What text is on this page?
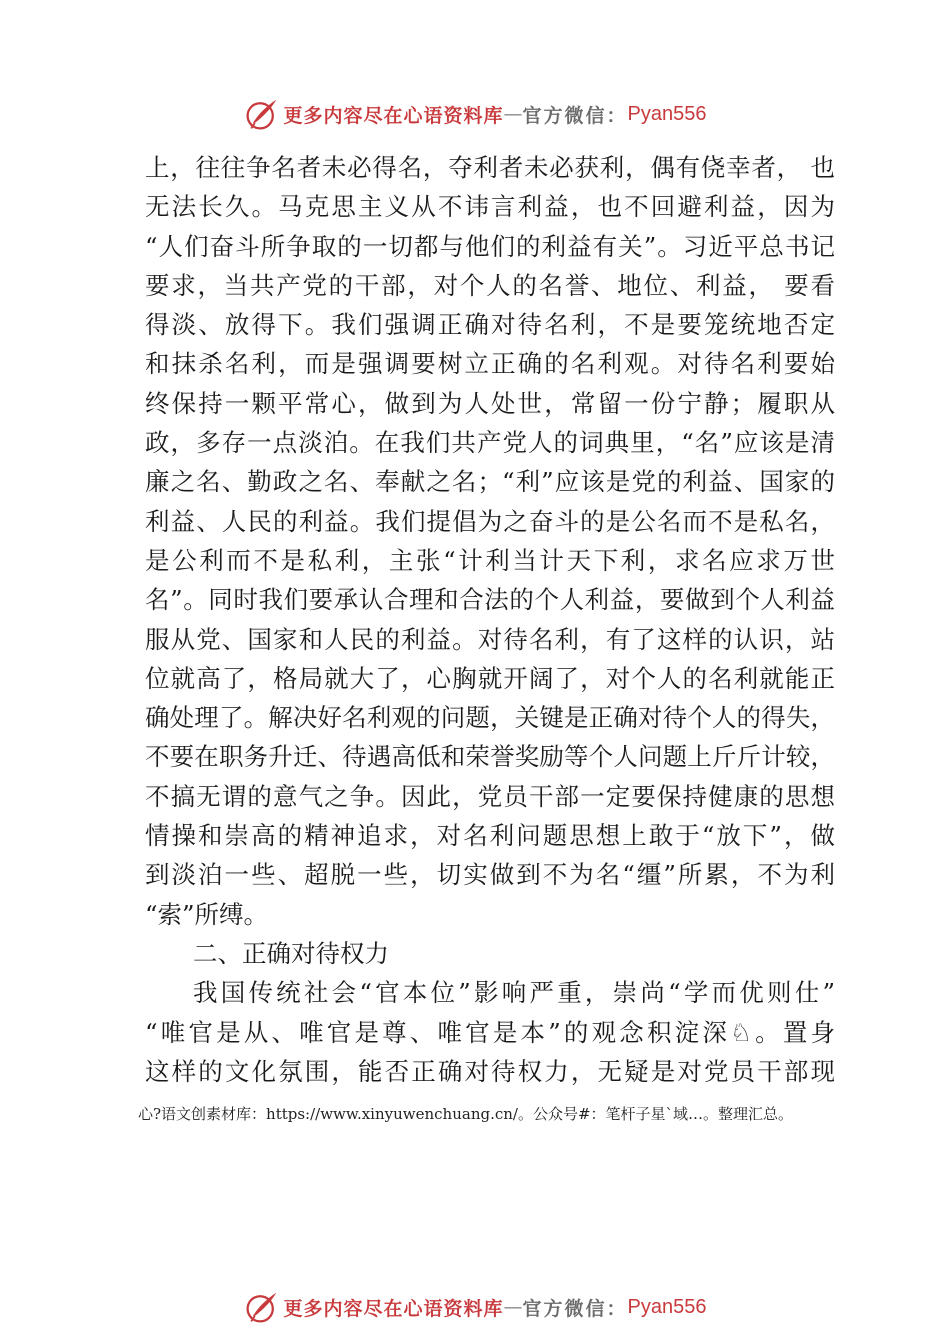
更多内容尽在心语资料库 — 官方微信： Pyan556
上，往往争名者未必得名，夺利者未必获利，偶有侥幸者， 也
无法长久。马克思主义从不讳言利益，也不回避利益，因为
“人们奋斗所争取的一切都与他们的利益有关”。习近平总书记
要求，当共产党的干部，对个人的名誉、地位、利益， 要看
得淡、放得下。我们强调正确对待名利，不是要笼统地否定
和抹杀名利，而是强调要树立正确的名利观。对待名利要始
终保持一颗平常心，做到为人处世，常留一份宁静；履职从
政，多存一点淡泊。在我们共产党人的词典里，“名”应该是清
廉之名、勤政之名、奉献之名；“利”应该是党的利益、国家的
利益、人民的利益。我们提倡为之奋斗的是公名而不是私名，
是公利而不是私利，主张“计利当计天下利，求名应求万世
名”。同时我们要承认合理和合法的个人利益，要做到个人利益
服从党、国家和人民的利益。对待名利，有了这样的认识，站
位就高了，格局就大了，心胸就开阔了，对个人的名利就能正
确处理了。解决好名利观的问题，关键是正确对待个人的得失，
不要在职务升迁、待遇高低和荣誉奖励等个人问题上斤斤计较，
不搞无谓的意气之争。因此，党员干部一定要保持健康的思想
情操和崇高的精神追求，对名利问题思想上敢于“放下”，做
到淡泊一些、超脱一些，切实做到不为名“缰”所累，不为利
“索”所缚。
二、正确对待权力
我国传统社会“官本位”影响严重，崇尚“学而优则仕”
“唯官是从、唯官是尊、唯官是本”的观念积淀深♘。置身
这样的文化氛围，能否正确对待权力，无疑是对党员干部现
心?语文创素材库：https://www.xinyuwenchuang.cn/。公众号#：笔杆子星`域…。整理汇总。
更多内容尽在心语资料库 — 官方微信： Pyan556
